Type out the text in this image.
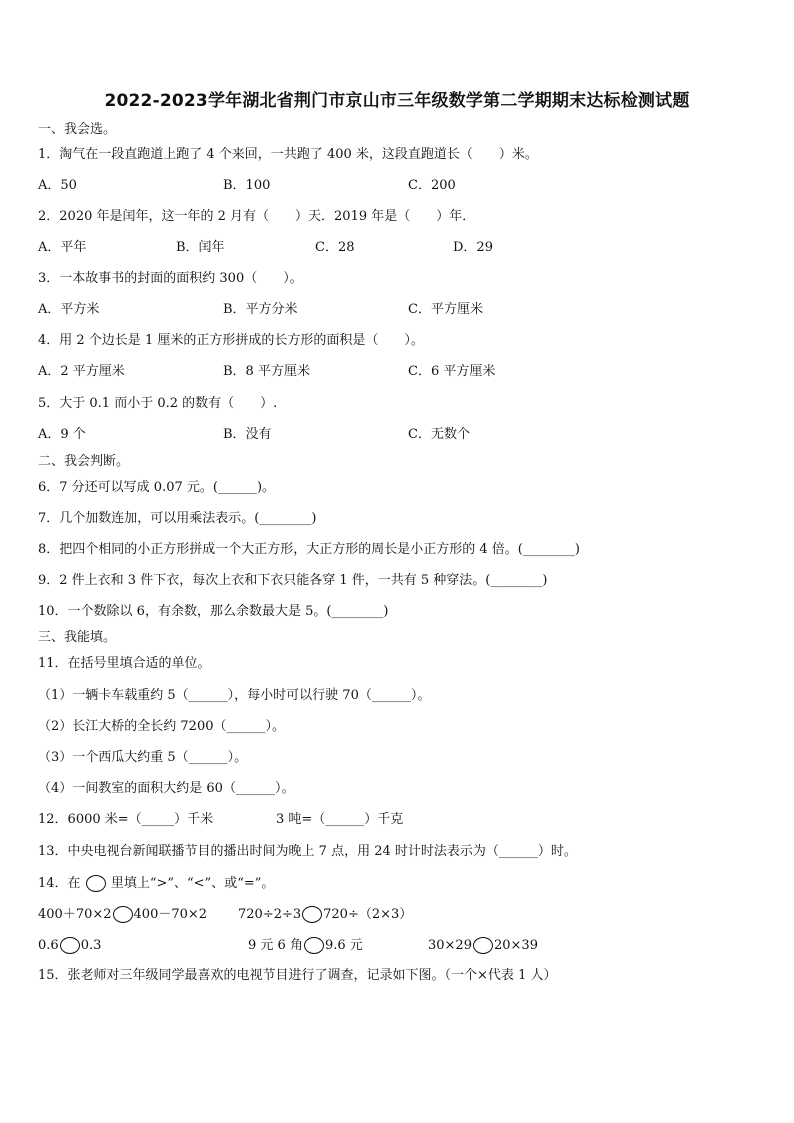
2022-2023学年湖北省荆门市京山市三年级数学第二学期期末达标检测试题
一、我会选。
1．淘气在一段直跑道上跑了 4 个来回，一共跑了 400 米，这段直跑道长（　　）米。
A．50	B．100	C．200
2．2020 年是闰年，这一年的 2 月有（　　）天．2019 年是（　　）年．
A．平年	B．闰年	C．28	D．29
3．一本故事书的封面的面积约 300（　　）。
A．平方米	B．平方分米	C．平方厘米
4．用 2 个边长是 1 厘米的正方形拼成的长方形的面积是（　　）。
A．2 平方厘米	B．8 平方厘米	C．6 平方厘米
5．大于 0.1 而小于 0.2 的数有（　　）.
A．9 个	B．没有	C．无数个
二、我会判断。
6．7 分还可以写成 0.07 元。(______)。
7．几个加数连加，可以用乘法表示。(________)
8．把四个相同的小正方形拼成一个大正方形，大正方形的周长是小正方形的 4 倍。(________)
9．2 件上衣和 3 件下衣，每次上衣和下衣只能各穿 1 件，一共有 5 种穿法。(________)
10．一个数除以 6，有余数，那么余数最大是 5。(________)
三、我能填。
11．在括号里填合适的单位。
（1）一辆卡车载重约 5（______），每小时可以行驶 70（______）。
（2）长江大桥的全长约 7200（______）。
（3）一个西瓜大约重 5（______）。
（4）一间教室的面积大约是 60（______）。
12．6000 米=（_____）千米	3 吨=（______）千克
13．中央电视台新闻联播节目的播出时间为晚上 7 点，用 24 时计时法表示为（______）时。
14．在 里填上“>”、“<”、或“=”。
400＋70×2 400－70×2 720÷2÷3 720÷（2×3）
0.6 0.3	9 元 6 角 9.6 元	30×29 20×39
15．张老师对三年级同学最喜欢的电视节目进行了调查，记录如下图。（一个×代表 1 人）
